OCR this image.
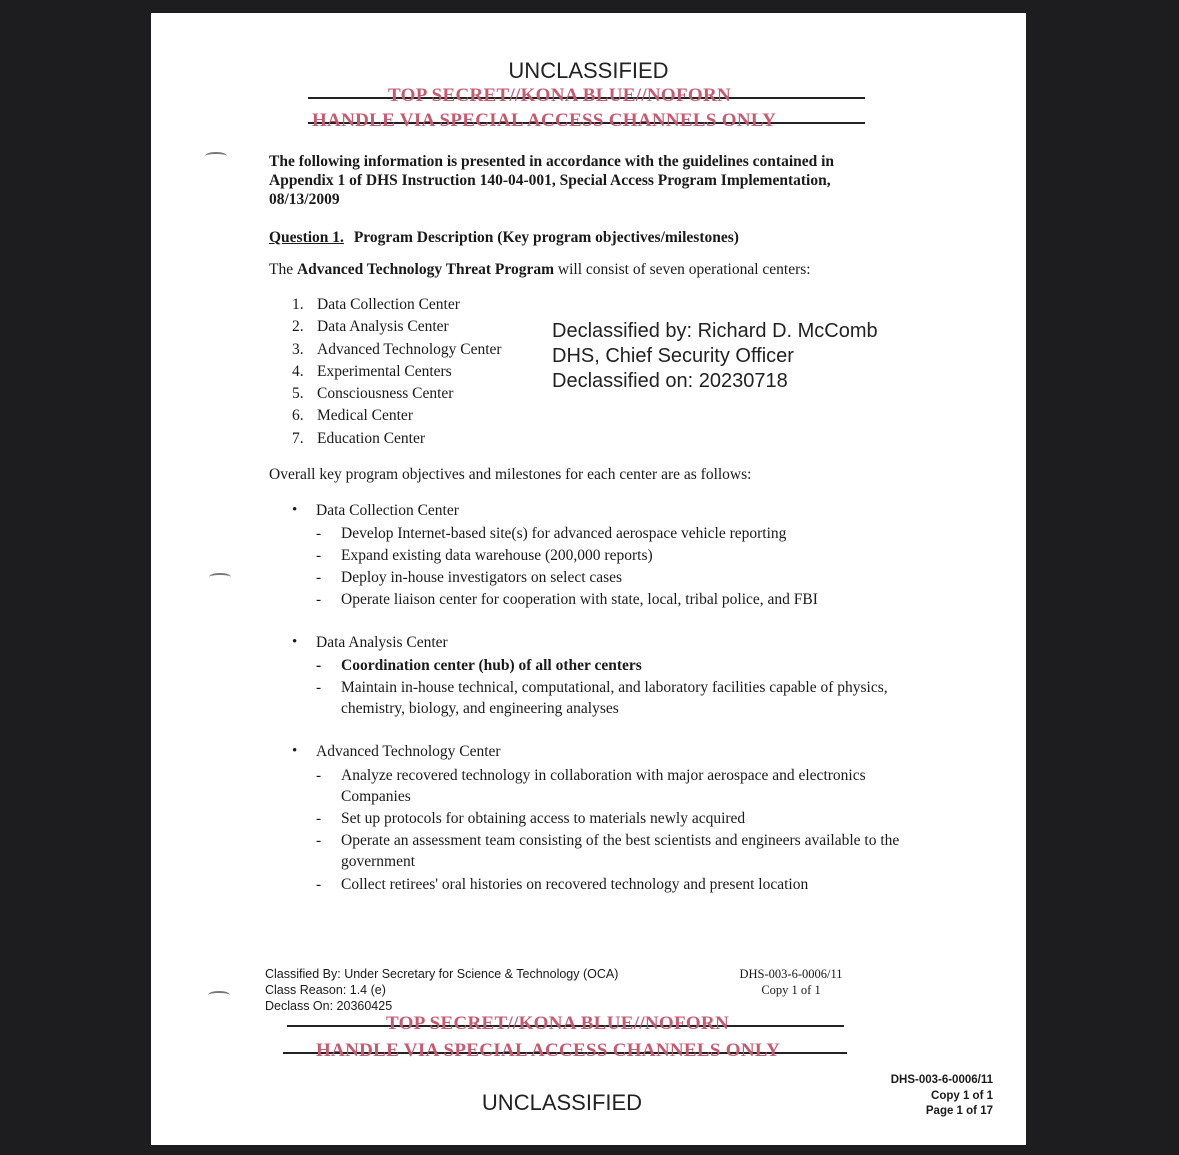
UNCLASSIFIED
TOP SECRET//KONA BLUE//NOFORN
HANDLE VIA SPECIAL ACCESS CHANNELS ONLY
The following information is presented in accordance with the guidelines contained in Appendix 1 of DHS Instruction 140-04-001, Special Access Program Implementation, 08/13/2009
Question 1. Program Description (Key program objectives/milestones)
The Advanced Technology Threat Program will consist of seven operational centers:
1. Data Collection Center
2. Data Analysis Center
3. Advanced Technology Center
4. Experimental Centers
5. Consciousness Center
6. Medical Center
7. Education Center
Declassified by: Richard D. McComb
DHS, Chief Security Officer
Declassified on: 20230718
Overall key program objectives and milestones for each center are as follows:
• Data Collection Center
- Develop Internet-based site(s) for advanced aerospace vehicle reporting
- Expand existing data warehouse (200,000 reports)
- Deploy in-house investigators on select cases
- Operate liaison center for cooperation with state, local, tribal police, and FBI
• Data Analysis Center
- Coordination center (hub) of all other centers
- Maintain in-house technical, computational, and laboratory facilities capable of physics, chemistry, biology, and engineering analyses
• Advanced Technology Center
- Analyze recovered technology in collaboration with major aerospace and electronics Companies
- Set up protocols for obtaining access to materials newly acquired
- Operate an assessment team consisting of the best scientists and engineers available to the government
- Collect retirees' oral histories on recovered technology and present location
Classified By: Under Secretary for Science & Technology (OCA)
Class Reason: 1.4 (e)
Declass On: 20360425
DHS-003-6-0006/11
Copy 1 of 1
TOP SECRET//KONA BLUE//NOFORN
HANDLE VIA SPECIAL ACCESS CHANNELS ONLY
UNCLASSIFIED
DHS-003-6-0006/11
Copy 1 of 1
Page 1 of 17
